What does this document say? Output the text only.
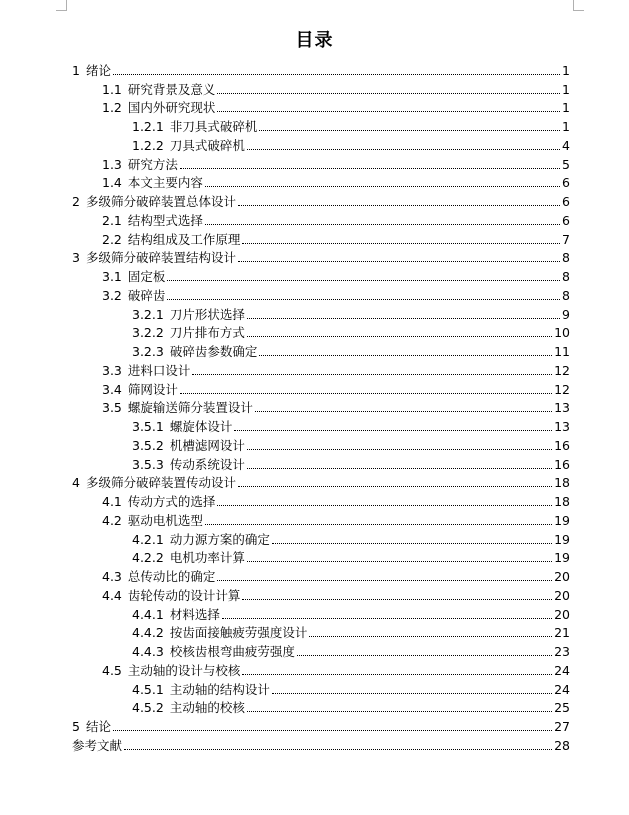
目录
1 绪论	1
1.1 研究背景及意义	1
1.2 国内外研究现状	1
1.2.1 非刀具式破碎机	1
1.2.2 刀具式破碎机	4
1.3 研究方法	5
1.4 本文主要内容	6
2 多级筛分破碎装置总体设计	6
2.1 结构型式选择	6
2.2 结构组成及工作原理	7
3 多级筛分破碎装置结构设计	8
3.1 固定板	8
3.2 破碎齿	8
3.2.1 刀片形状选择	9
3.2.2 刀片排布方式	10
3.2.3 破碎齿参数确定	11
3.3 进料口设计	12
3.4 筛网设计	12
3.5 螺旋输送筛分装置设计	13
3.5.1 螺旋体设计	13
3.5.2 机槽滤网设计	16
3.5.3 传动系统设计	16
4 多级筛分破碎装置传动设计	18
4.1 传动方式的选择	18
4.2 驱动电机选型	19
4.2.1 动力源方案的确定	19
4.2.2 电机功率计算	19
4.3 总传动比的确定	20
4.4 齿轮传动的设计计算	20
4.4.1 材料选择	20
4.4.2 按齿面接触疲劳强度设计	21
4.4.3 校核齿根弯曲疲劳强度	23
4.5 主动轴的设计与校核	24
4.5.1 主动轴的结构设计	24
4.5.2 主动轴的校核	25
5 结论	27
参考文献	28
